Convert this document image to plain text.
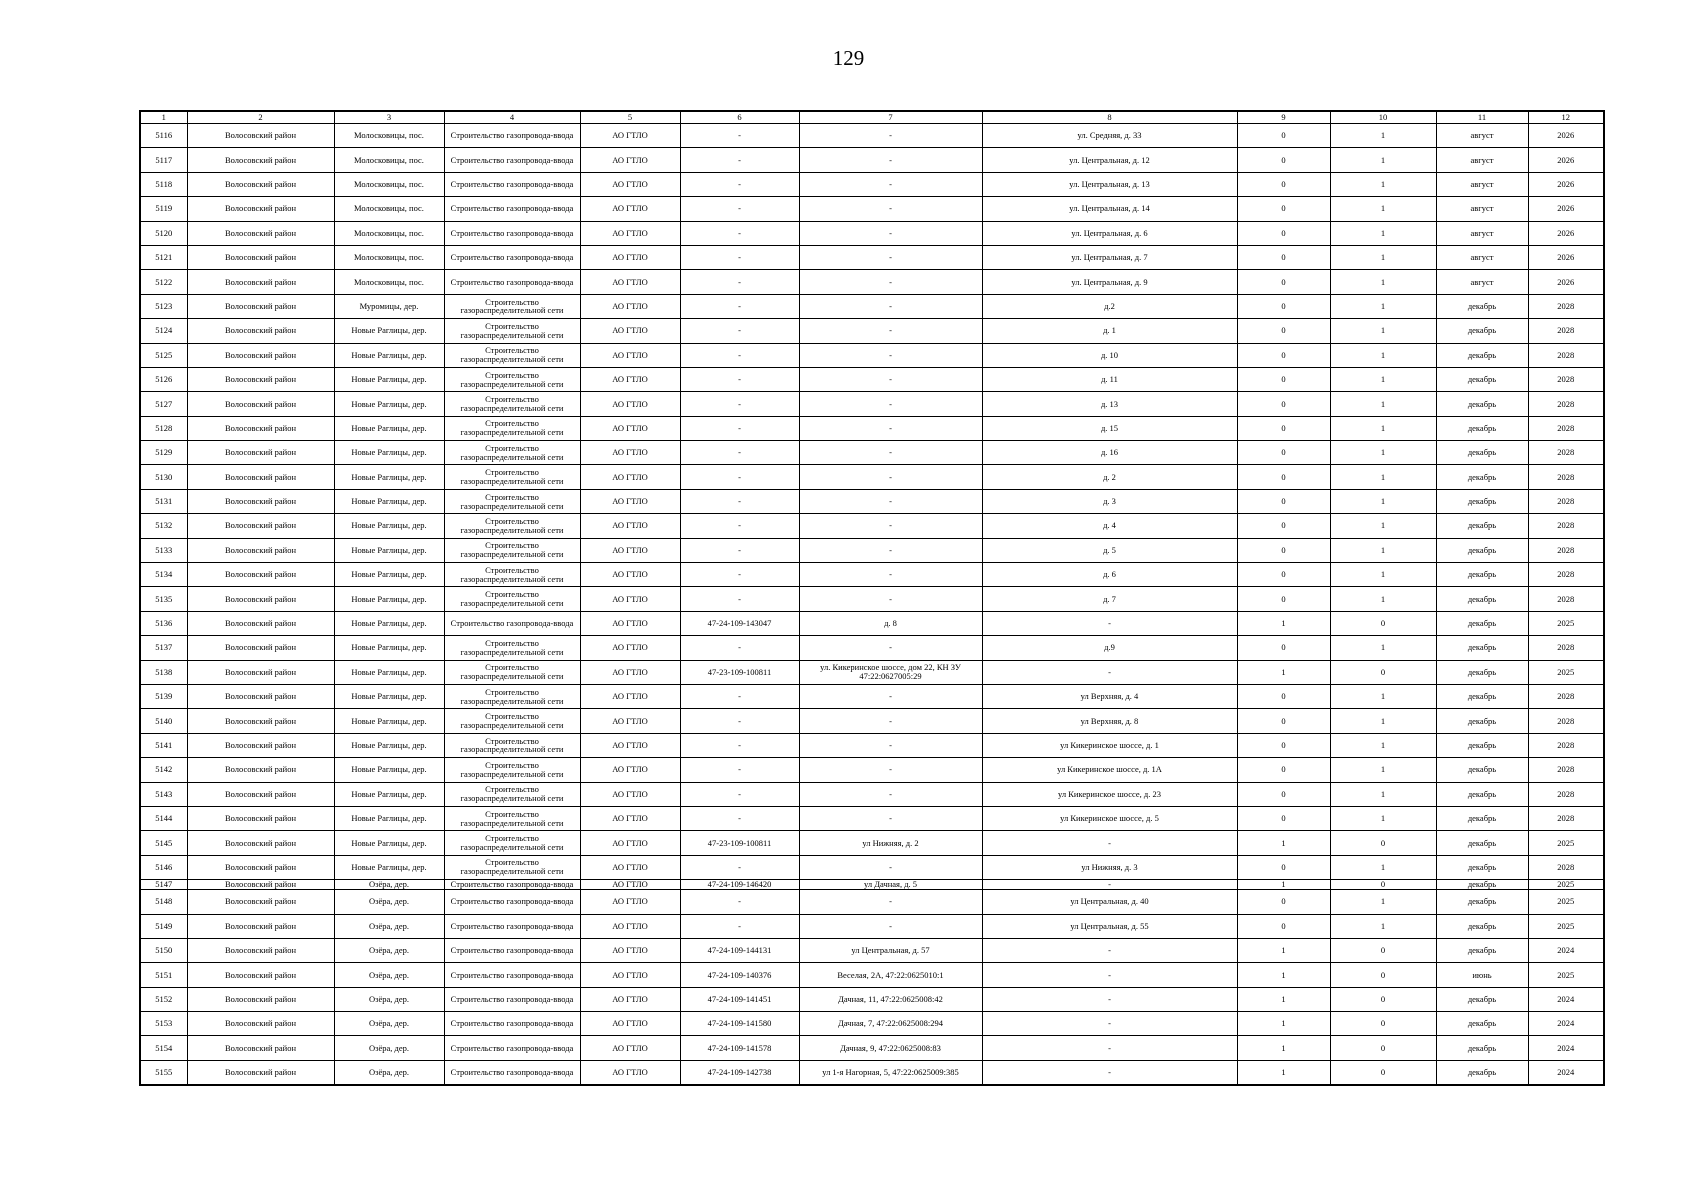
129
1	2	3	4	5	6	7	8	9	10	11	12
5116	Волосовский район	Молосковицы, пос.	Строительство газопровода-ввода	АО ГТЛО	-	-	ул. Средняя, д. 33	0	1	август	2026
5117	Волосовский район	Молосковицы, пос.	Строительство газопровода-ввода	АО ГТЛО	-	-	ул. Центральная, д. 12	0	1	август	2026
5118	Волосовский район	Молосковицы, пос.	Строительство газопровода-ввода	АО ГТЛО	-	-	ул. Центральная, д. 13	0	1	август	2026
5119	Волосовский район	Молосковицы, пос.	Строительство газопровода-ввода	АО ГТЛО	-	-	ул. Центральная, д. 14	0	1	август	2026
5120	Волосовский район	Молосковицы, пос.	Строительство газопровода-ввода	АО ГТЛО	-	-	ул. Центральная, д. 6	0	1	август	2026
5121	Волосовский район	Молосковицы, пос.	Строительство газопровода-ввода	АО ГТЛО	-	-	ул. Центральная, д. 7	0	1	август	2026
5122	Волосовский район	Молосковицы, пос.	Строительство газопровода-ввода	АО ГТЛО	-	-	ул. Центральная, д. 9	0	1	август	2026
5123	Волосовский район	Муромицы, дер.	Строительство газораспределительной сети	АО ГТЛО	-	-	д.2	0	1	декабрь	2028
5124	Волосовский район	Новые Раглицы, дер.	Строительство газораспределительной сети	АО ГТЛО	-	-	д. 1	0	1	декабрь	2028
5125	Волосовский район	Новые Раглицы, дер.	Строительство газораспределительной сети	АО ГТЛО	-	-	д. 10	0	1	декабрь	2028
5126	Волосовский район	Новые Раглицы, дер.	Строительство газораспределительной сети	АО ГТЛО	-	-	д. 11	0	1	декабрь	2028
5127	Волосовский район	Новые Раглицы, дер.	Строительство газораспределительной сети	АО ГТЛО	-	-	д. 13	0	1	декабрь	2028
5128	Волосовский район	Новые Раглицы, дер.	Строительство газораспределительной сети	АО ГТЛО	-	-	д. 15	0	1	декабрь	2028
5129	Волосовский район	Новые Раглицы, дер.	Строительство газораспределительной сети	АО ГТЛО	-	-	д. 16	0	1	декабрь	2028
5130	Волосовский район	Новые Раглицы, дер.	Строительство газораспределительной сети	АО ГТЛО	-	-	д. 2	0	1	декабрь	2028
5131	Волосовский район	Новые Раглицы, дер.	Строительство газораспределительной сети	АО ГТЛО	-	-	д. 3	0	1	декабрь	2028
5132	Волосовский район	Новые Раглицы, дер.	Строительство газораспределительной сети	АО ГТЛО	-	-	д. 4	0	1	декабрь	2028
5133	Волосовский район	Новые Раглицы, дер.	Строительство газораспределительной сети	АО ГТЛО	-	-	д. 5	0	1	декабрь	2028
5134	Волосовский район	Новые Раглицы, дер.	Строительство газораспределительной сети	АО ГТЛО	-	-	д. 6	0	1	декабрь	2028
5135	Волосовский район	Новые Раглицы, дер.	Строительство газораспределительной сети	АО ГТЛО	-	-	д. 7	0	1	декабрь	2028
5136	Волосовский район	Новые Раглицы, дер.	Строительство газопровода-ввода	АО ГТЛО	47-24-109-143047	д. 8	-	1	0	декабрь	2025
5137	Волосовский район	Новые Раглицы, дер.	Строительство газораспределительной сети	АО ГТЛО	-	-	д.9	0	1	декабрь	2028
5138	Волосовский район	Новые Раглицы, дер.	Строительство газораспределительной сети	АО ГТЛО	47-23-109-100811	ул. Кикеринское шоссе, дом 22, КН ЗУ 47:22:0627005:29	-	1	0	декабрь	2025
5139	Волосовский район	Новые Раглицы, дер.	Строительство газораспределительной сети	АО ГТЛО	-	-	ул Верхняя, д. 4	0	1	декабрь	2028
5140	Волосовский район	Новые Раглицы, дер.	Строительство газораспределительной сети	АО ГТЛО	-	-	ул Верхняя, д. 8	0	1	декабрь	2028
5141	Волосовский район	Новые Раглицы, дер.	Строительство газораспределительной сети	АО ГТЛО	-	-	ул Кикеринское шоссе, д. 1	0	1	декабрь	2028
5142	Волосовский район	Новые Раглицы, дер.	Строительство газораспределительной сети	АО ГТЛО	-	-	ул Кикеринское шоссе, д. 1А	0	1	декабрь	2028
5143	Волосовский район	Новые Раглицы, дер.	Строительство газораспределительной сети	АО ГТЛО	-	-	ул Кикеринское шоссе, д. 23	0	1	декабрь	2028
5144	Волосовский район	Новые Раглицы, дер.	Строительство газораспределительной сети	АО ГТЛО	-	-	ул Кикеринское шоссе, д. 5	0	1	декабрь	2028
5145	Волосовский район	Новые Раглицы, дер.	Строительство газораспределительной сети	АО ГТЛО	47-23-109-100811	ул Нижняя, д. 2	-	1	0	декабрь	2025
5146	Волосовский район	Новые Раглицы, дер.	Строительство газораспределительной сети	АО ГТЛО	-	-	ул Нижняя, д. 3	0	1	декабрь	2028
5147	Волосовский район	Озёра, дер.	Строительство газопровода-ввода	АО ГТЛО	47-24-109-146420	ул Дачная, д. 5	-	1	0	декабрь	2025
5148	Волосовский район	Озёра, дер.	Строительство газопровода-ввода	АО ГТЛО	-	-	ул Центральная, д. 40	0	1	декабрь	2025
5149	Волосовский район	Озёра, дер.	Строительство газопровода-ввода	АО ГТЛО	-	-	ул Центральная, д. 55	0	1	декабрь	2025
5150	Волосовский район	Озёра, дер.	Строительство газопровода-ввода	АО ГТЛО	47-24-109-144131	ул Центральная, д. 57	-	1	0	декабрь	2024
5151	Волосовский район	Озёра, дер.	Строительство газопровода-ввода	АО ГТЛО	47-24-109-140376	Веселая, 2А, 47:22:0625010:1	-	1	0	июнь	2025
5152	Волосовский район	Озёра, дер.	Строительство газопровода-ввода	АО ГТЛО	47-24-109-141451	Дачная, 11, 47:22:0625008:42	-	1	0	декабрь	2024
5153	Волосовский район	Озёра, дер.	Строительство газопровода-ввода	АО ГТЛО	47-24-109-141580	Дачная, 7, 47:22:0625008:294	-	1	0	декабрь	2024
5154	Волосовский район	Озёра, дер.	Строительство газопровода-ввода	АО ГТЛО	47-24-109-141578	Дачная, 9, 47:22:0625008:83	-	1	0	декабрь	2024
5155	Волосовский район	Озёра, дер.	Строительство газопровода-ввода	АО ГТЛО	47-24-109-142738	ул 1-я Нагорная, 5, 47:22:0625009:385	-	1	0	декабрь	2024
